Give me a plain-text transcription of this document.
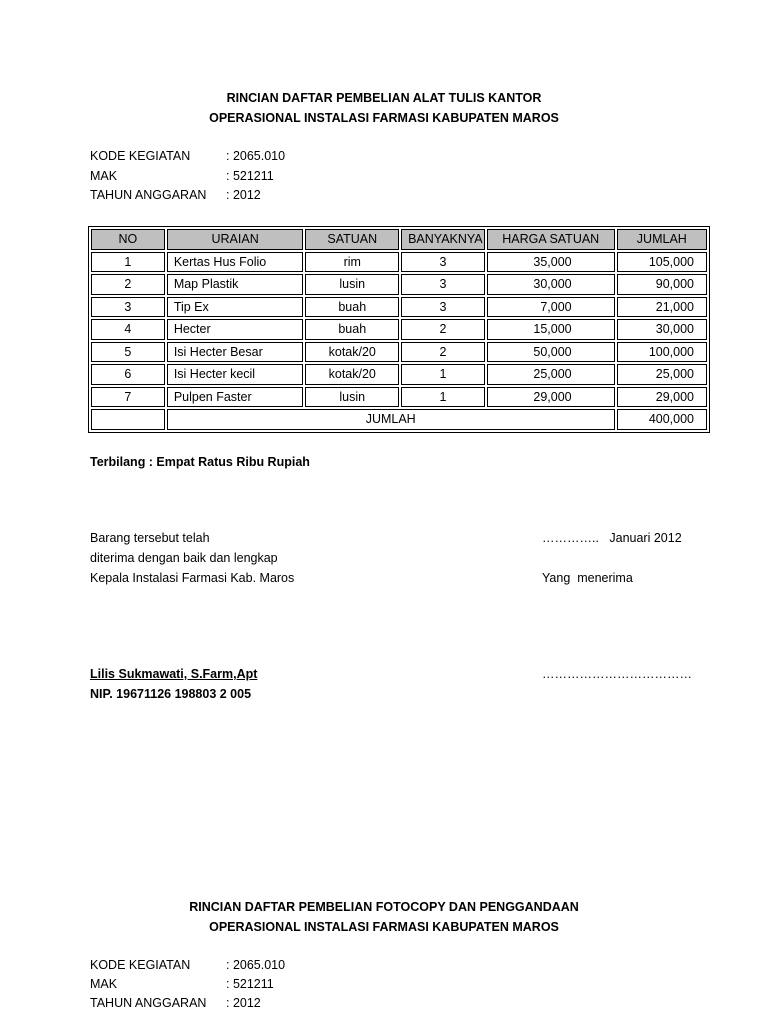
RINCIAN DAFTAR PEMBELIAN ALAT TULIS KANTOR
OPERASIONAL INSTALASI FARMASI KABUPATEN MAROS
KODE KEGIATAN	: 2065.010
MAK	: 521211
TAHUN ANGGARAN : 2012
NO	URAIAN	SATUAN	BANYAKNYA	HARGA SATUAN	JUMLAH
1	Kertas Hus Folio	rim	3	35,000	105,000
2	Map Plastik	lusin	3	30,000	90,000
3	Tip Ex	buah	3	7,000	21,000
4	Hecter	buah	2	15,000	30,000
5	Isi Hecter Besar	kotak/20	2	50,000	100,000
6	Isi Hecter kecil	kotak/20	1	25,000	25,000
7	Pulpen Faster	lusin	1	29,000	29,000
	JUMLAH				400,000
Terbilang : Empat Ratus Ribu Rupiah
Barang tersebut telah
diterima dengan baik dan lengkap
Kepala Instalasi Farmasi Kab. Maros
…………..   Januari 2012
Yang  menerima
Lilis Sukmawati, S.Farm,Apt
NIP. 19671126 198803 2 005
………………………………
RINCIAN DAFTAR PEMBELIAN FOTOCOPY DAN PENGGANDAAN
OPERASIONAL INSTALASI FARMASI KABUPATEN MAROS
KODE KEGIATAN	: 2065.010
MAK	: 521211
TAHUN ANGGARAN : 2012
